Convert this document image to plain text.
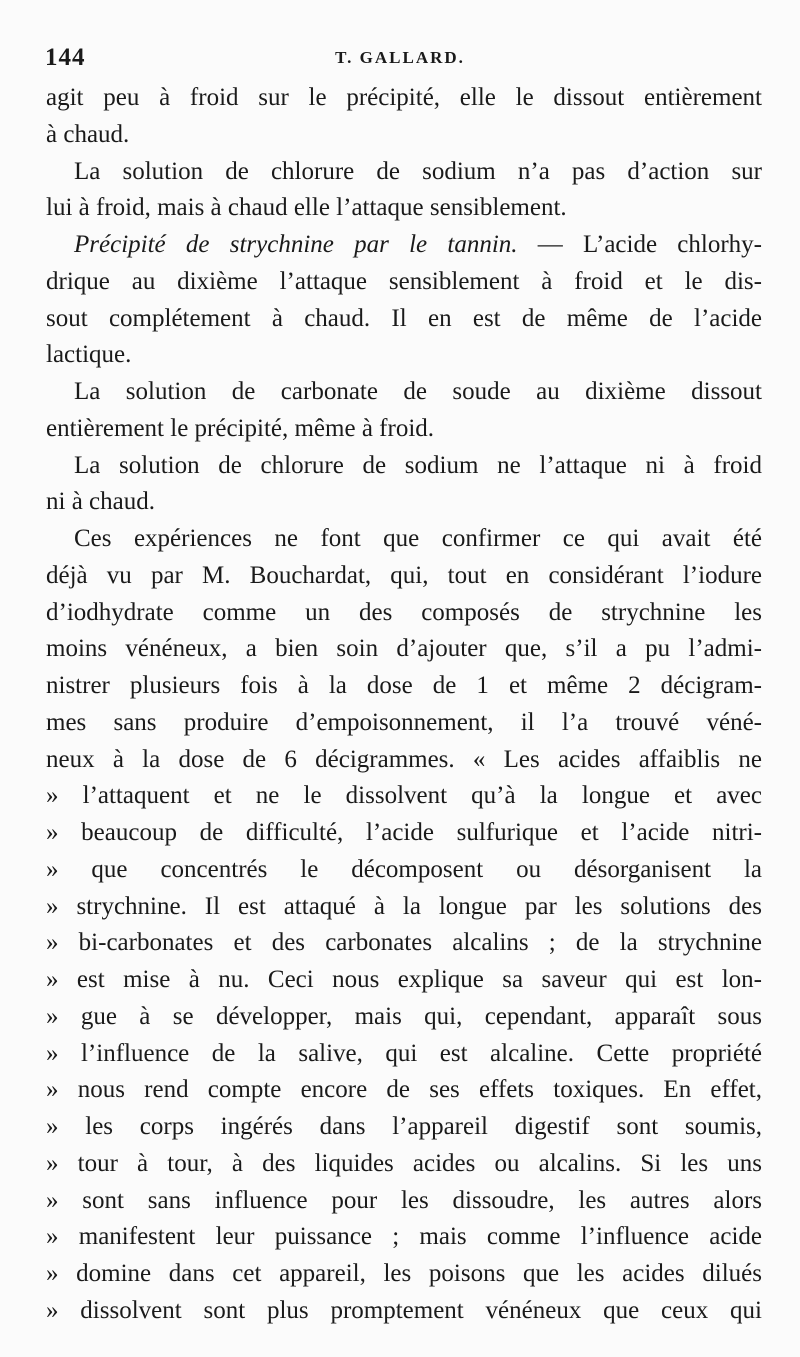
144	T. GALLARD.
agit peu à froid sur le précipité, elle le dissout entièrement
à chaud.
La solution de chlorure de sodium n’a pas d’action sur
lui à froid, mais à chaud elle l’attaque sensiblement.
Précipité de strychnine par le tannin. — L’acide chlorhy-
drique au dixième l’attaque sensiblement à froid et le dis-
sout complétement à chaud. Il en est de même de l’acide
lactique.
La solution de carbonate de soude au dixième dissout
entièrement le précipité, même à froid.
La solution de chlorure de sodium ne l’attaque ni à froid
ni à chaud.
Ces expériences ne font que confirmer ce qui avait été
déjà vu par M. Bouchardat, qui, tout en considérant l’iodure
d’iodhydrate comme un des composés de strychnine les
moins vénéneux, a bien soin d’ajouter que, s’il a pu l’admi-
nistrer plusieurs fois à la dose de 1 et même 2 décigram-
mes sans produire d’empoisonnement, il l’a trouvé véné-
neux à la dose de 6 décigrammes. « Les acides affaiblis ne
» l’attaquent et ne le dissolvent qu’à la longue et avec
» beaucoup de difficulté, l’acide sulfurique et l’acide nitri-
» que concentrés le décomposent ou désorganisent la
» strychnine. Il est attaqué à la longue par les solutions des
» bi-carbonates et des carbonates alcalins ; de la strychnine
» est mise à nu. Ceci nous explique sa saveur qui est lon-
» gue à se développer, mais qui, cependant, apparaît sous
» l’influence de la salive, qui est alcaline. Cette propriété
» nous rend compte encore de ses effets toxiques. En effet,
» les corps ingérés dans l’appareil digestif sont soumis,
» tour à tour, à des liquides acides ou alcalins. Si les uns
» sont sans influence pour les dissoudre, les autres alors
» manifestent leur puissance ; mais comme l’influence acide
» domine dans cet appareil, les poisons que les acides dilués
» dissolvent sont plus promptement vénéneux que ceux qui
